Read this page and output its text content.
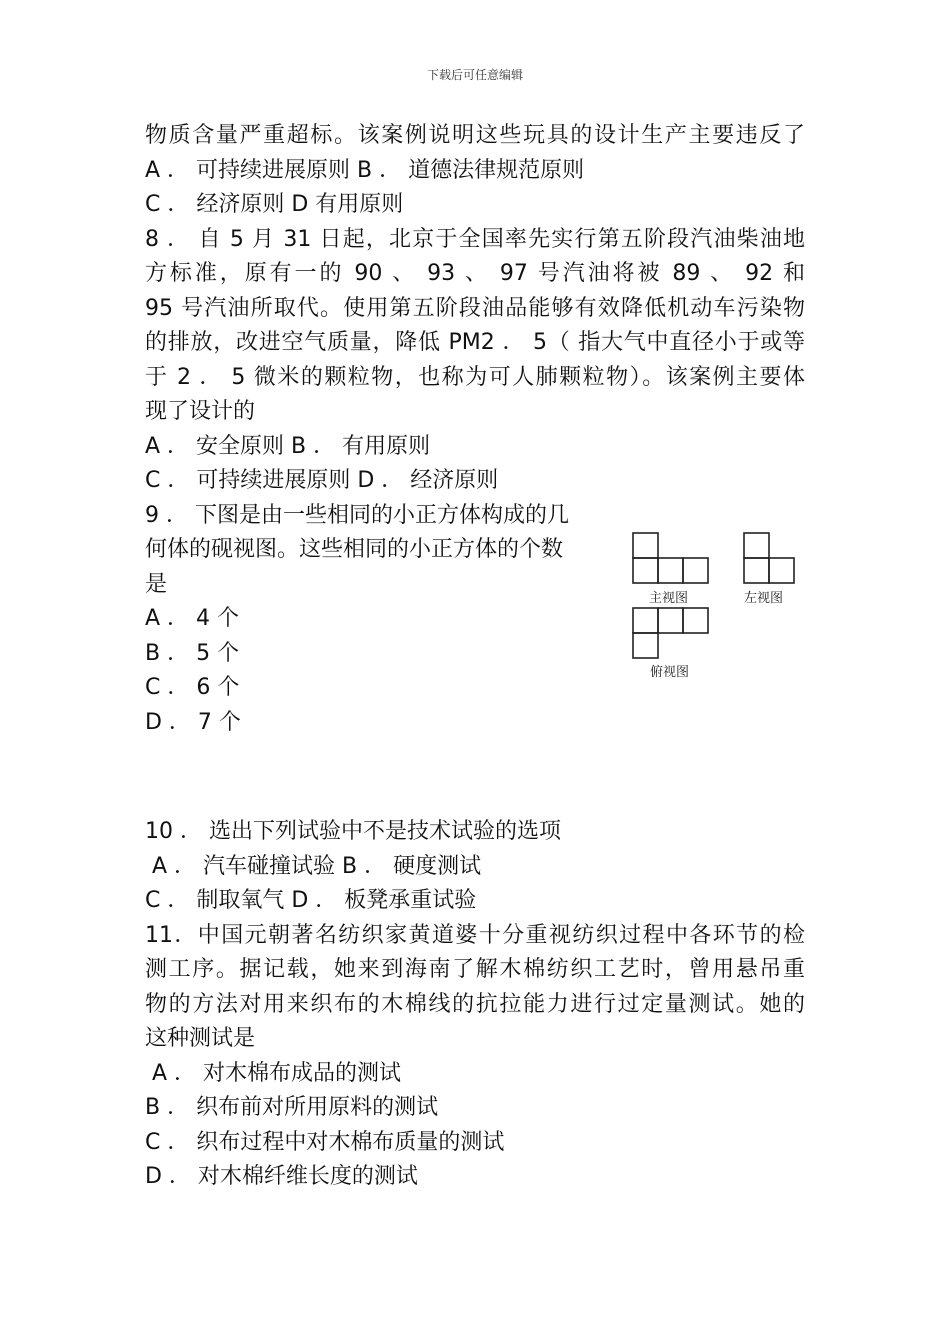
下载后可任意编辑
物质含量严重超标。该案例说明这些玩具的设计生产主要违反了
A ． 可持续进展原则 B ． 道德法律规范原则
C ． 经济原则 D 有用原则
8 ． 自 5 月 31 日起，北京于全国率先实行第五阶段汽油柴油地
方标准，原有一的 90 、 93 、 97 号汽油将被 89 、 92 和
95 号汽油所取代。使用第五阶段油品能够有效降低机动车污染物
的排放，改进空气质量，降低 PM2 ． 5（ 指大气中直径小于或等
于 2 ． 5 微米的颗粒物，也称为可人肺颗粒物）。该案例主要体
现了设计的
A ． 安全原则 B ． 有用原则
C ． 可持续进展原则 D ． 经济原则
9 ． 下图是由一些相同的小正方体构成的几
何体的砚视图。这些相同的小正方体的个数
是
A ． 4 个
B ． 5 个
C ． 6 个
D ． 7 个
10 ． 选出下列试验中不是技术试验的选项
A ． 汽车碰撞试验 B ． 硬度测试
C ． 制取氧气 D ． 板凳承重试验
11．中国元朝著名纺织家黄道婆十分重视纺织过程中各环节的检
测工序。据记载，她来到海南了解木棉纺织工艺时，曾用悬吊重
物的方法对用来织布的木棉线的抗拉能力进行过定量测试。她的
这种测试是
A ． 对木棉布成品的测试
B ． 织布前对所用原料的测试
C ． 织布过程中对木棉布质量的测试
D ． 对木棉纤维长度的测试
主视图	左视图
俯视图
